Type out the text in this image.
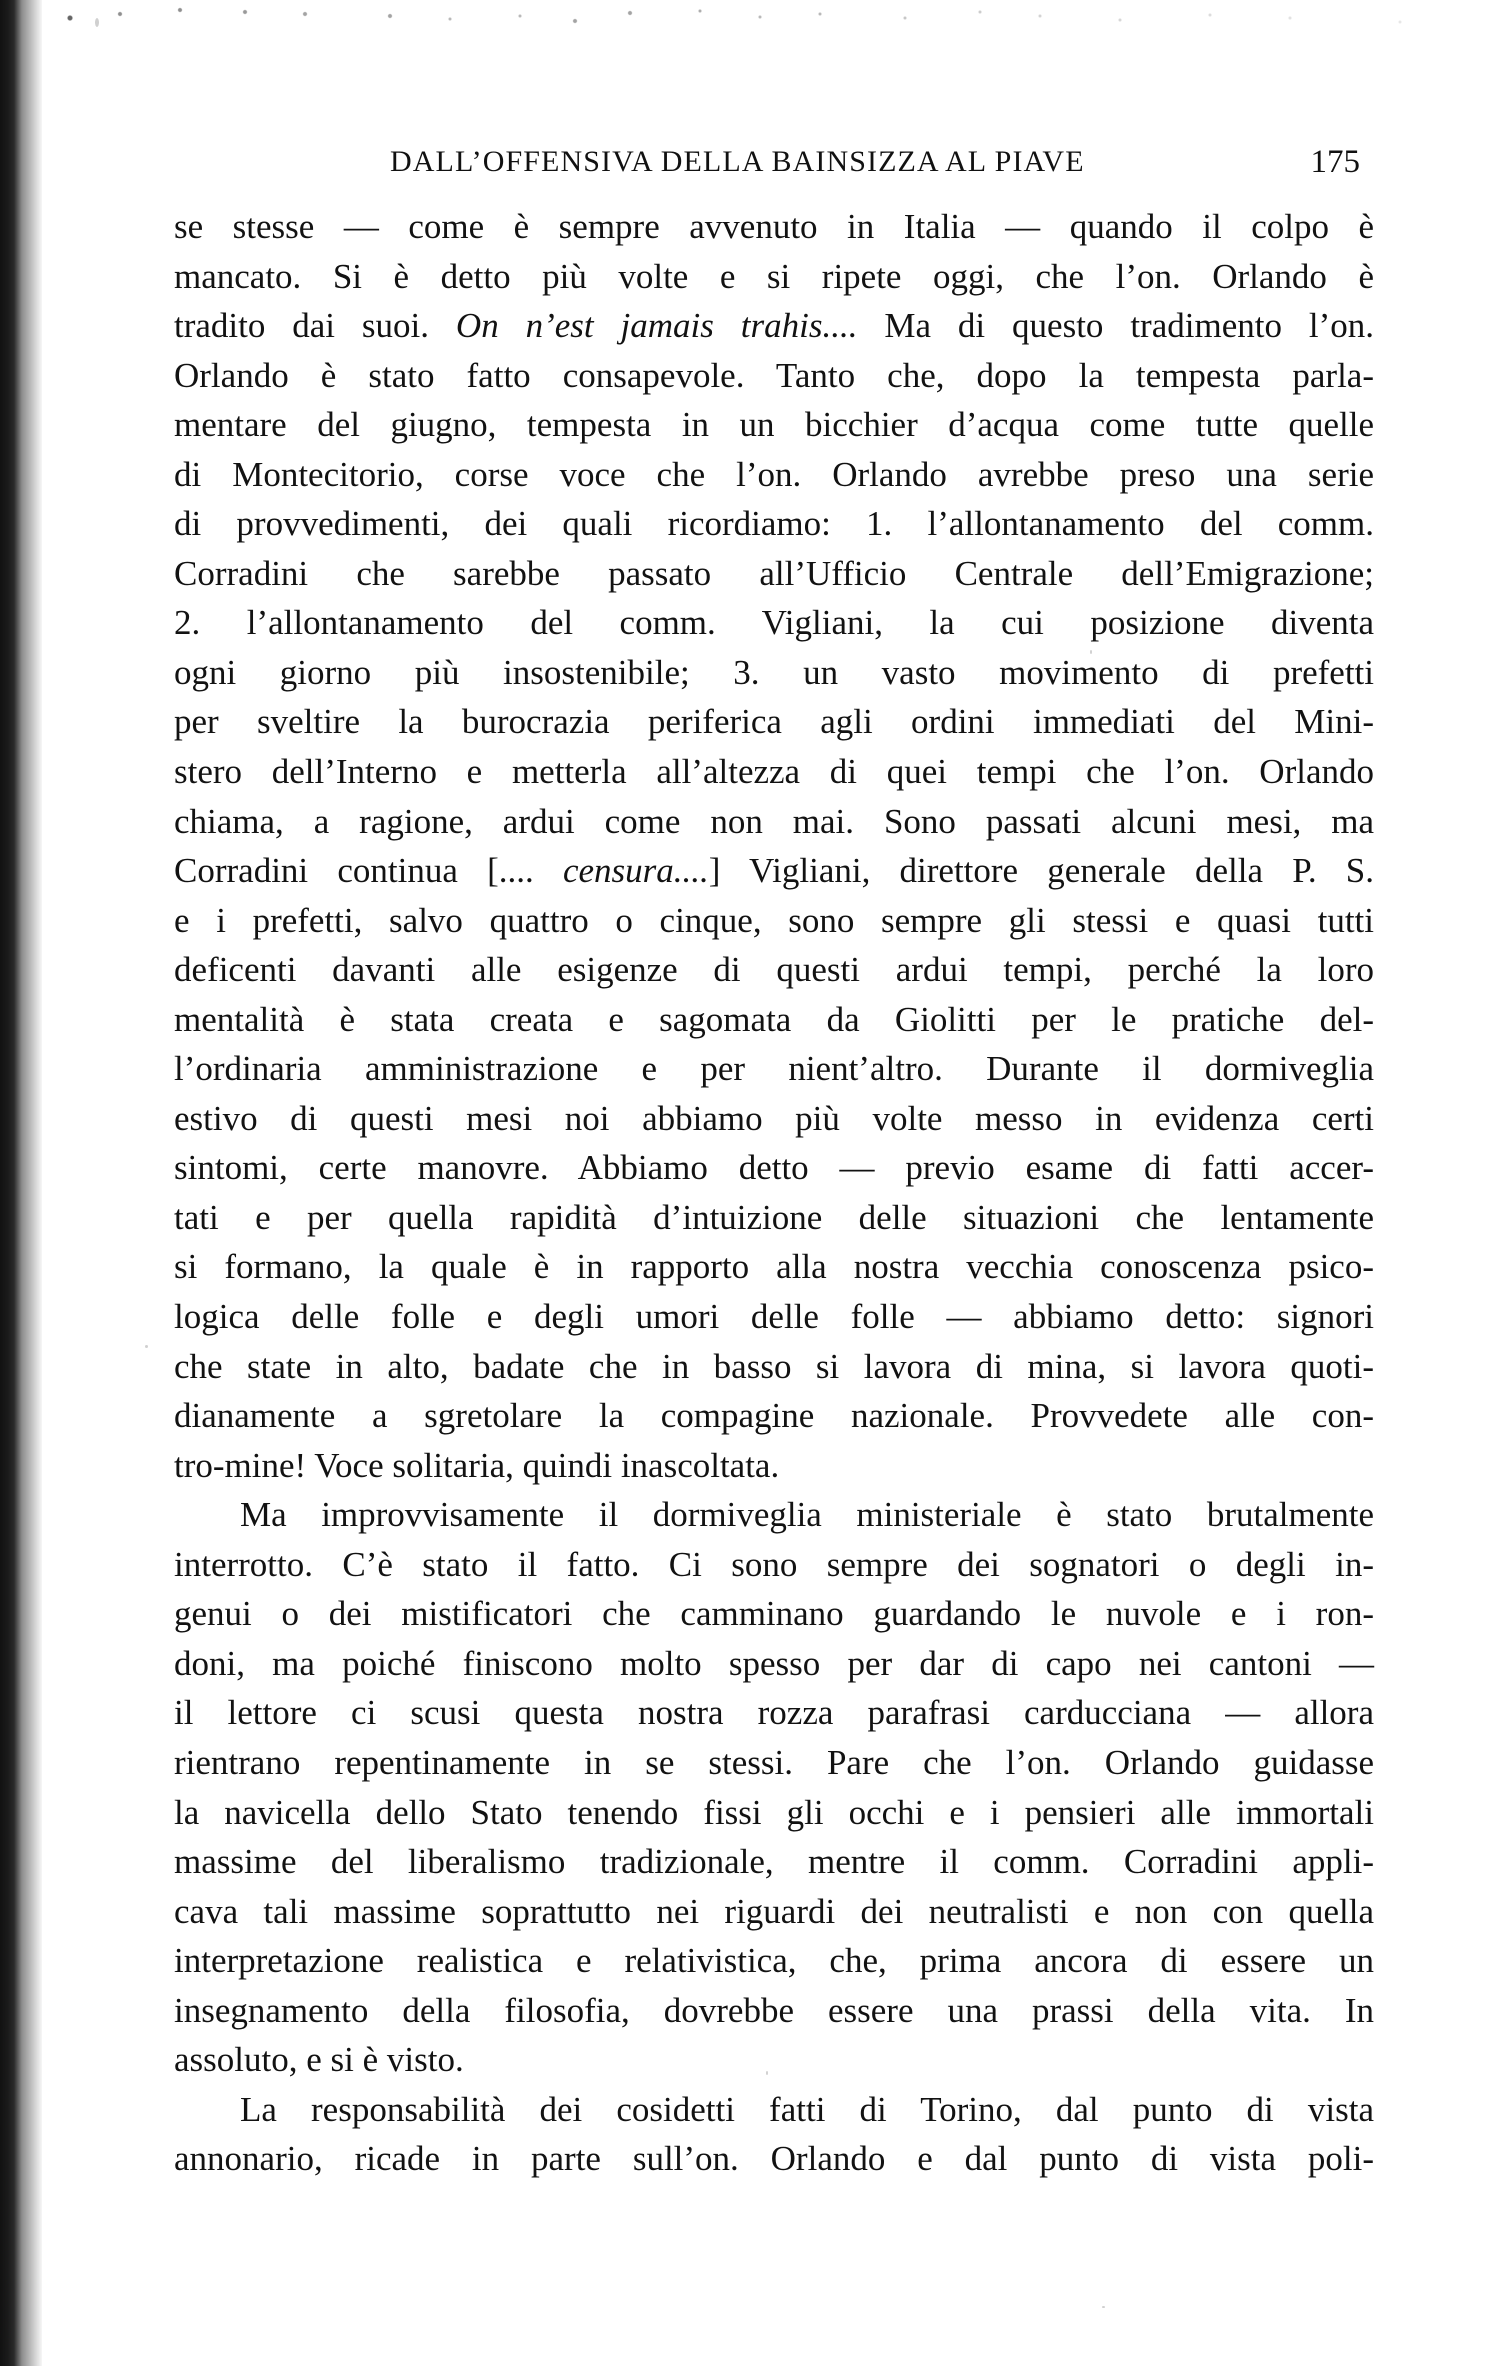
DALL’OFFENSIVA DELLA BAINSIZZA AL PIAVE	175
se stesse — come è sempre avvenuto in Italia — quando il colpo è
mancato. Si è detto più volte e si ripete oggi, che l’on. Orlando è
tradito dai suoi. On n’est jamais trahis.... Ma di questo tradimento l’on.
Orlando è stato fatto consapevole. Tanto che, dopo la tempesta parla-
mentare del giugno, tempesta in un bicchier d’acqua come tutte quelle
di Montecitorio, corse voce che l’on. Orlando avrebbe preso una serie
di provvedimenti, dei quali ricordiamo: 1. l’allontanamento del comm.
Corradini che sarebbe passato all’Ufficio Centrale dell’Emigrazione;
2. l’allontanamento del comm. Vigliani, la cui posizione diventa
ogni giorno più insostenibile; 3. un vasto movimento di prefetti
per sveltire la burocrazia periferica agli ordini immediati del Mini-
stero dell’Interno e metterla all’altezza di quei tempi che l’on. Orlando
chiama, a ragione, ardui come non mai. Sono passati alcuni mesi, ma
Corradini continua [.... censura....] Vigliani, direttore generale della P. S.
e i prefetti, salvo quattro o cinque, sono sempre gli stessi e quasi tutti
deficenti davanti alle esigenze di questi ardui tempi, perché la loro
mentalità è stata creata e sagomata da Giolitti per le pratiche del-
l’ordinaria amministrazione e per nient’altro. Durante il dormiveglia
estivo di questi mesi noi abbiamo più volte messo in evidenza certi
sintomi, certe manovre. Abbiamo detto — previo esame di fatti accer-
tati e per quella rapidità d’intuizione delle situazioni che lentamente
si formano, la quale è in rapporto alla nostra vecchia conoscenza psico-
logica delle folle e degli umori delle folle — abbiamo detto: signori
che state in alto, badate che in basso si lavora di mina, si lavora quoti-
dianamente a sgretolare la compagine nazionale. Provvedete alle con-
tro-mine! Voce solitaria, quindi inascoltata.
Ma improvvisamente il dormiveglia ministeriale è stato brutalmente
interrotto. C’è stato il fatto. Ci sono sempre dei sognatori o degli in-
genui o dei mistificatori che camminano guardando le nuvole e i ron-
doni, ma poiché finiscono molto spesso per dar di capo nei cantoni —
il lettore ci scusi questa nostra rozza parafrasi carducciana — allora
rientrano repentinamente in se stessi. Pare che l’on. Orlando guidasse
la navicella dello Stato tenendo fissi gli occhi e i pensieri alle immortali
massime del liberalismo tradizionale, mentre il comm. Corradini appli-
cava tali massime soprattutto nei riguardi dei neutralisti e non con quella
interpretazione realistica e relativistica, che, prima ancora di essere un
insegnamento della filosofia, dovrebbe essere una prassi della vita. In
assoluto, e si è visto.
La responsabilità dei cosidetti fatti di Torino, dal punto di vista
annonario, ricade in parte sull’on. Orlando e dal punto di vista poli-
